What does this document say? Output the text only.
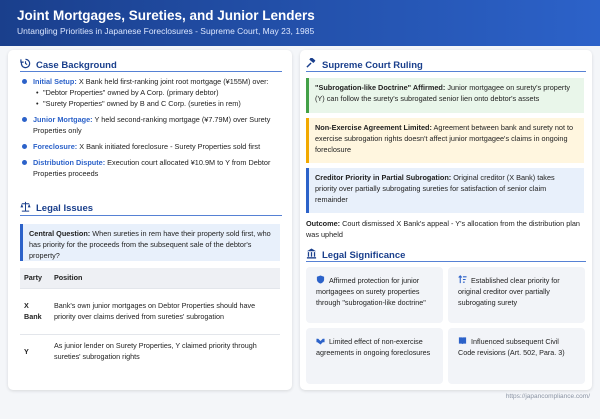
Joint Mortgages, Sureties, and Junior Lenders
Untangling Priorities in Japanese Foreclosures - Supreme Court, May 23, 1985
Case Background
Initial Setup: X Bank held first-ranking joint root mortgage (¥155M) over:
• "Debtor Properties" owned by A Corp. (primary debtor)
• "Surety Properties" owned by B and C Corp. (sureties in rem)
Junior Mortgage: Y held second-ranking mortgage (¥7.79M) over Surety Properties only
Foreclosure: X Bank initiated foreclosure - Surety Properties sold first
Distribution Dispute: Execution court allocated ¥10.9M to Y from Debtor Properties proceeds
Legal Issues
Central Question: When sureties in rem have their property sold first, who has priority for the proceeds from the subsequent sale of the debtor's property?
Party	Position
X Bank	Bank's own junior mortgages on Debtor Properties should have priority over claims derived from sureties' subrogation
Y	As junior lender on Surety Properties, Y claimed priority through sureties' subrogation rights
Supreme Court Ruling
"Subrogation-like Doctrine" Affirmed: Junior mortgagee on surety's property (Y) can follow the surety's subrogated senior lien onto debtor's assets
Non-Exercise Agreement Limited: Agreement between bank and surety not to exercise subrogation rights doesn't affect junior mortgagee's claims in ongoing foreclosure
Creditor Priority in Partial Subrogation: Original creditor (X Bank) takes priority over partially subrogating sureties for satisfaction of senior claim remainder
Outcome: Court dismissed X Bank's appeal - Y's allocation from the distribution plan was upheld
Legal Significance
Affirmed protection for junior mortgagees on surety properties through "subrogation-like doctrine"
Established clear priority for original creditor over partially subrogating surety
Limited effect of non-exercise agreements in ongoing foreclosures
Influenced subsequent Civil Code revisions (Art. 502, Para. 3)
https://japancompliance.com/
